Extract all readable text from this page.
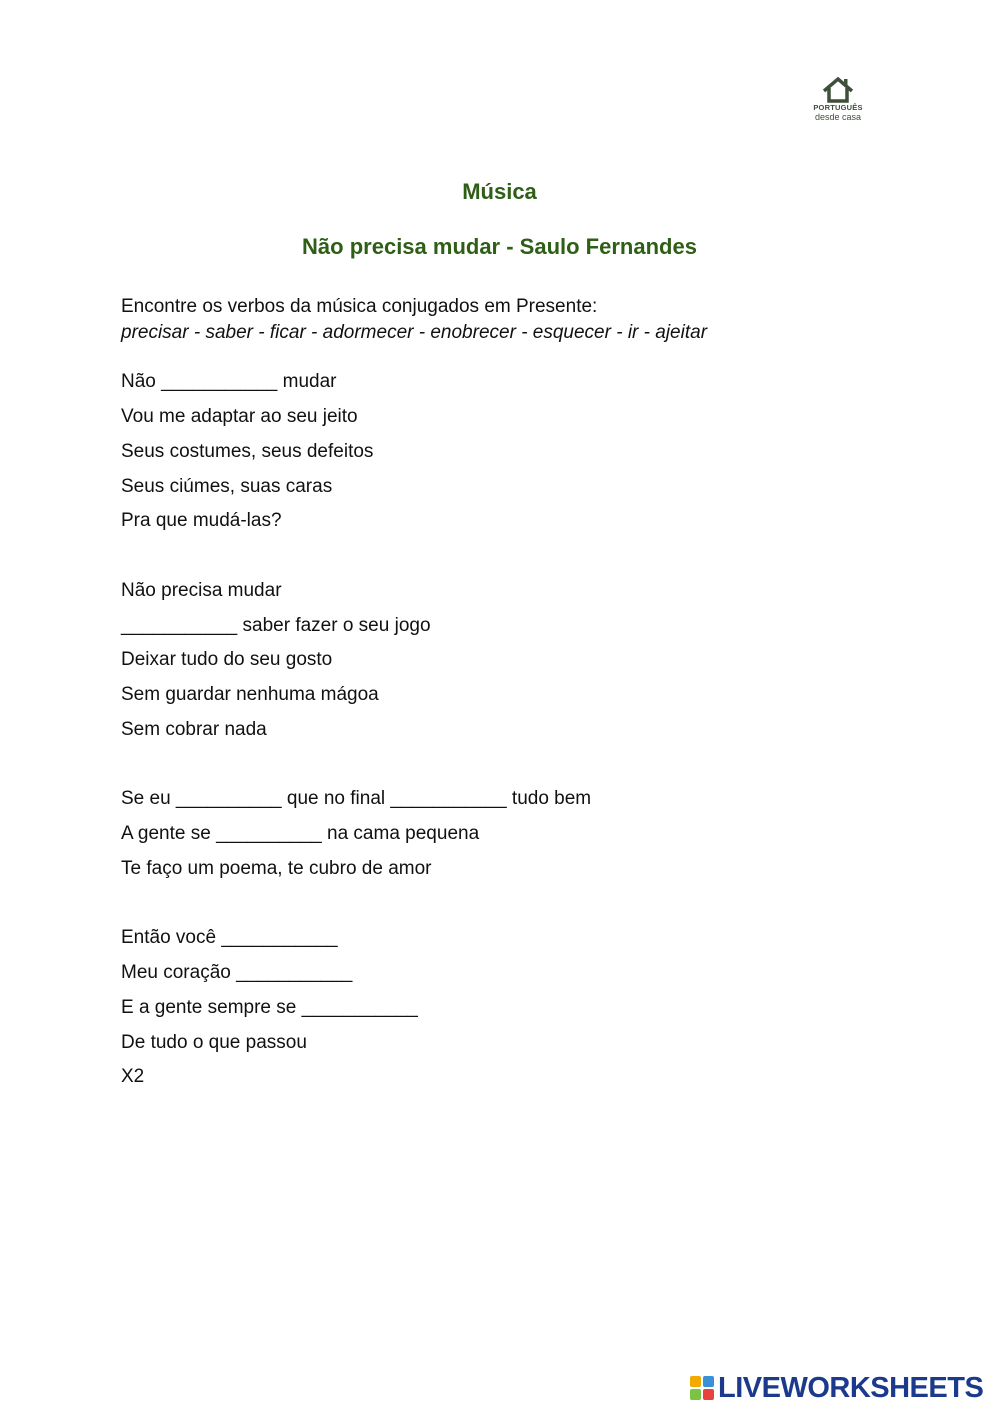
PORTUGUÊS
desde casa
Música
Não precisa mudar - Saulo Fernandes
Encontre os verbos da música conjugados em Presente:
precisar - saber - ficar - adormecer - enobrecer - esquecer - ir - ajeitar
Não ___________ mudar
Vou me adaptar ao seu jeito
Seus costumes, seus defeitos
Seus ciúmes, suas caras
Pra que mudá-las?
Não precisa mudar
___________ saber fazer o seu jogo
Deixar tudo do seu gosto
Sem guardar nenhuma mágoa
Sem cobrar nada
Se eu __________ que no final ___________ tudo bem
A gente se __________ na cama pequena
Te faço um poema, te cubro de amor
Então você ___________
Meu coração ___________
E a gente sempre se ___________
De tudo o que passou
X2
LIVEWORKSHEETS
